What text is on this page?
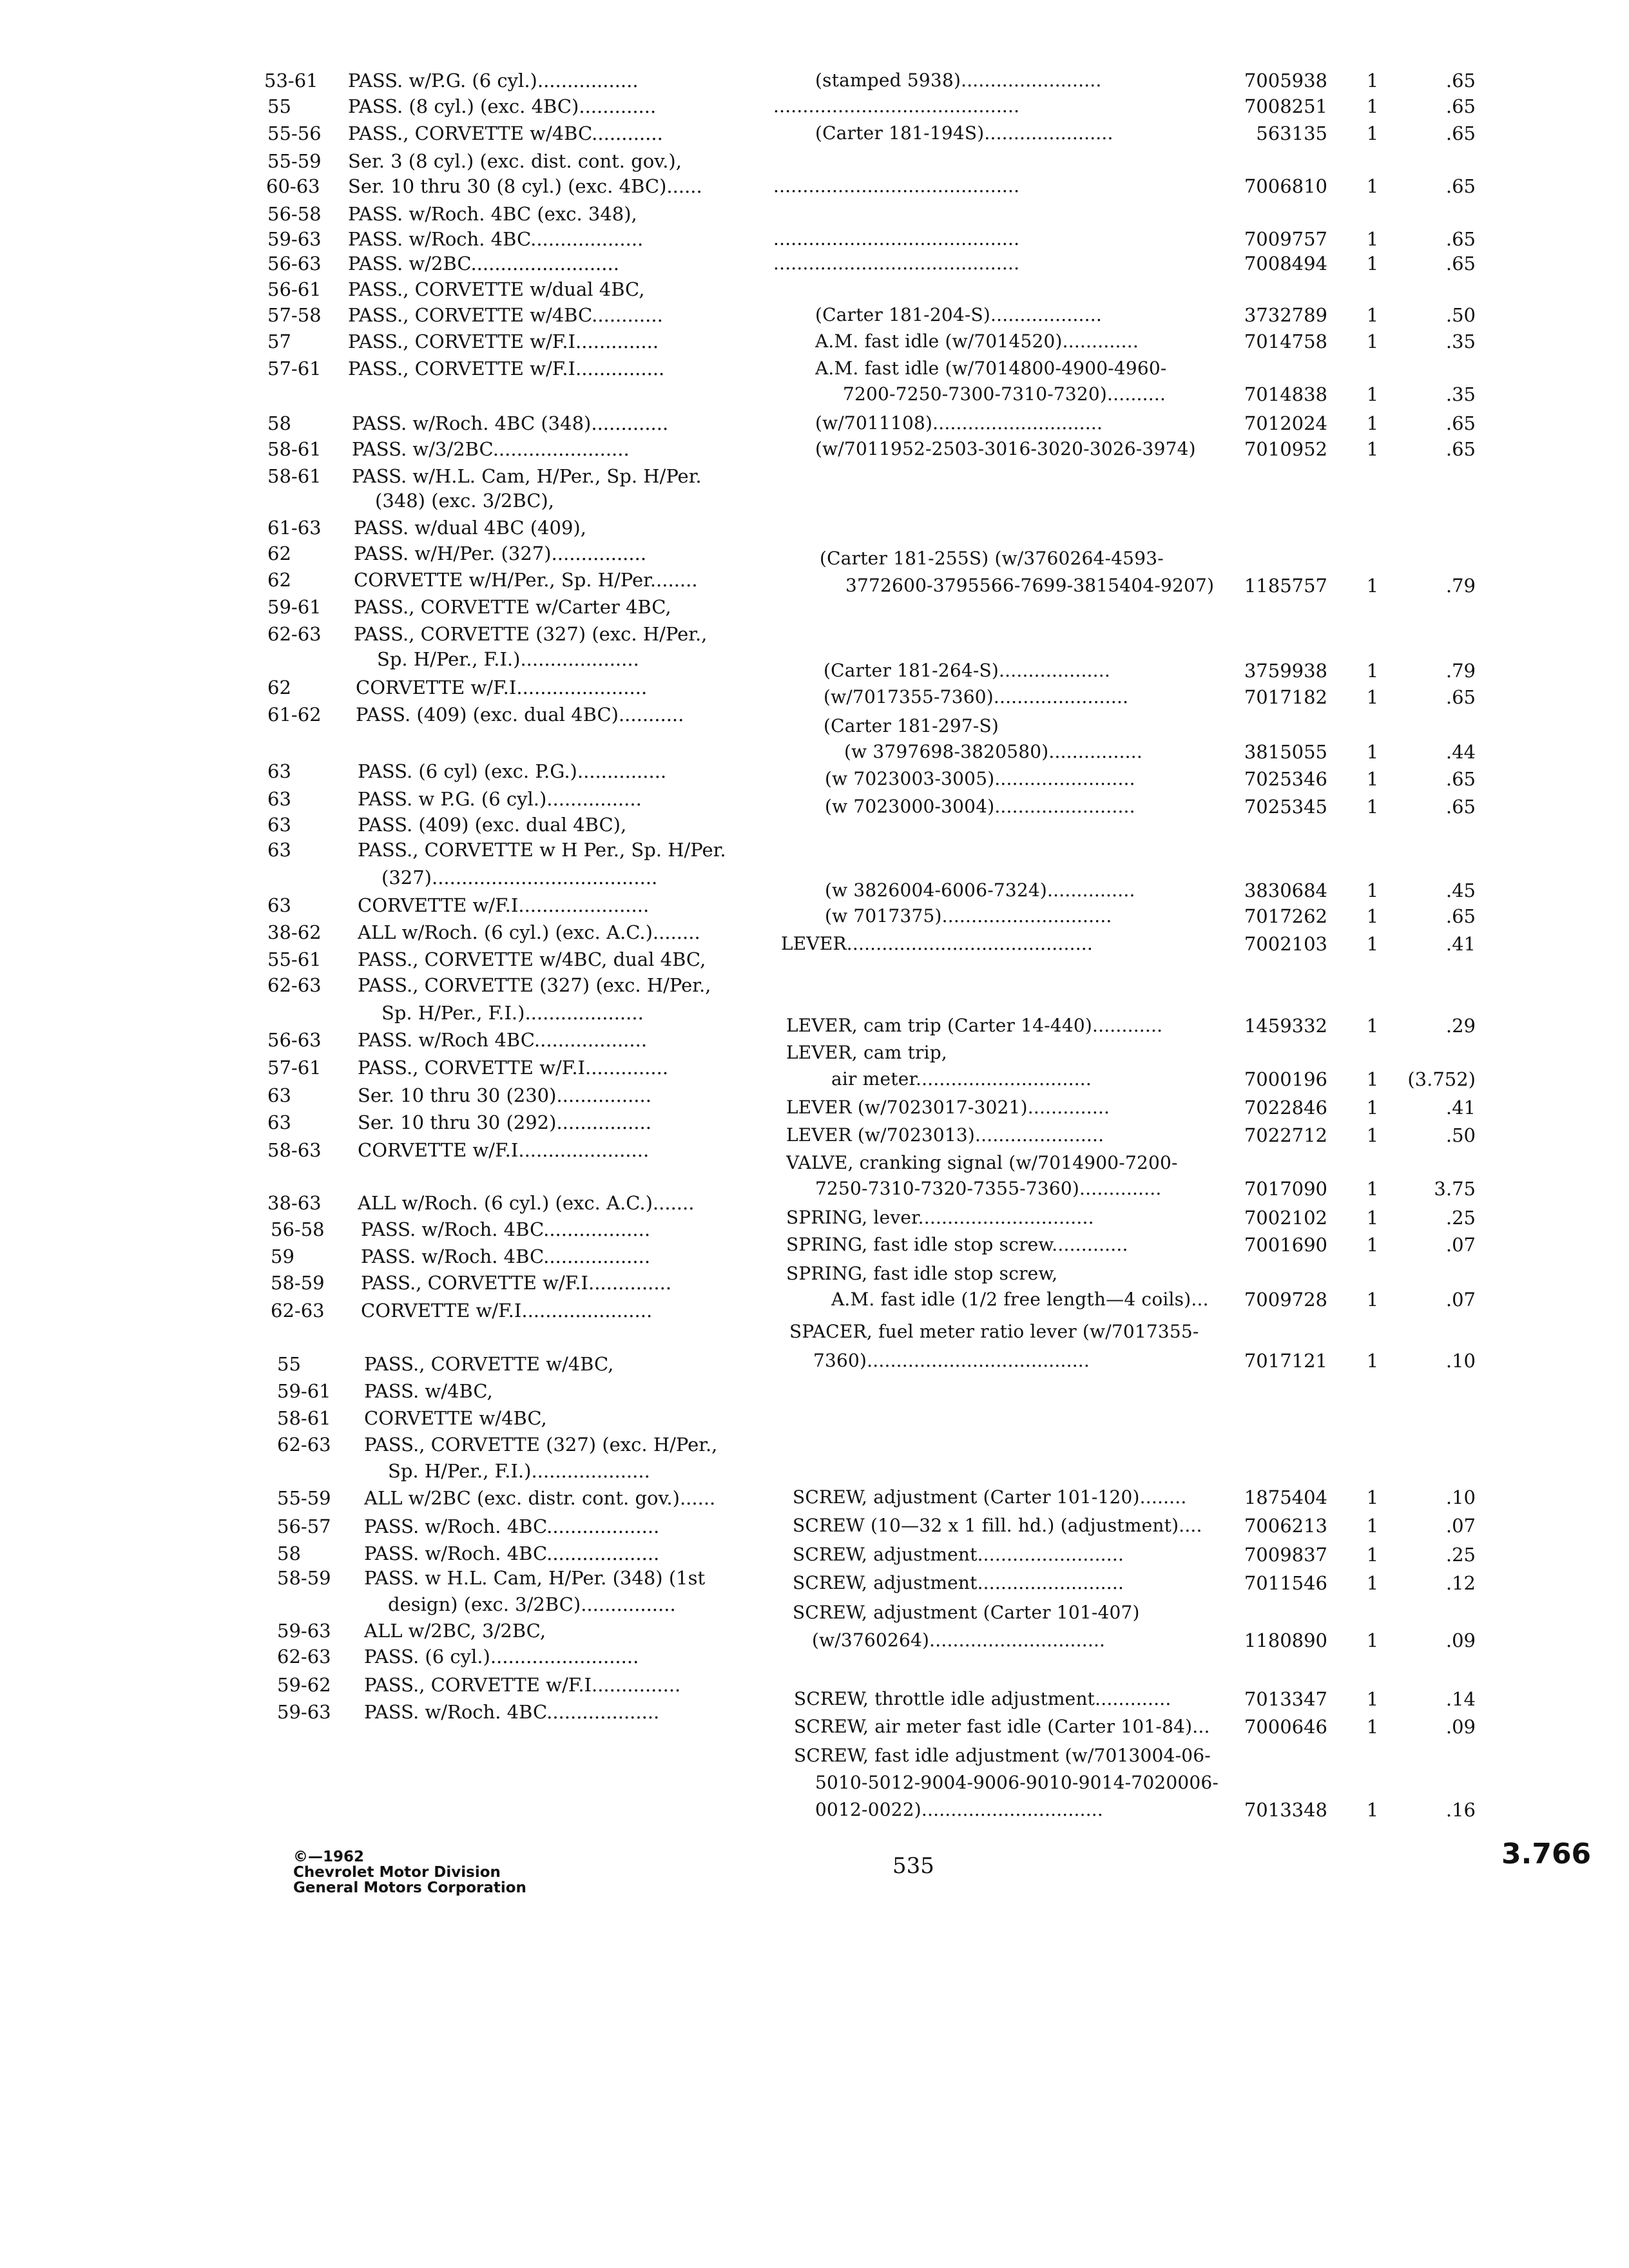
53-61 PASS. w/P.G. (6 cyl.).................
55	PASS. (8 cyl.) (exc. 4BC).............
55-56 PASS., CORVETTE w/4BC............
55-59 Ser. 3 (8 cyl.) (exc. dist. cont. gov.),
60-63 Ser. 10 thru 30 (8 cyl.) (exc. 4BC)......
56-58 PASS. w/Roch. 4BC (exc. 348),
59-63 PASS. w/Roch. 4BC...................
56-63 PASS. w/2BC.........................
56-61 PASS., CORVETTE w/dual 4BC,
57-58 PASS., CORVETTE w/4BC............
57	PASS., CORVETTE w/F.I..............
57-61 PASS., CORVETTE w/F.I...............
58	PASS. w/Roch. 4BC (348).............
58-61 PASS. w/3/2BC.......................
58-61 PASS. w/H.L. Cam, H/Per., Sp. H/Per.
(348) (exc. 3/2BC),
61-63 PASS. w/dual 4BC (409),
62	PASS. w/H/Per. (327)................
62	CORVETTE w/H/Per., Sp. H/Per........
59-61 PASS., CORVETTE w/Carter 4BC,
62-63 PASS., CORVETTE (327) (exc. H/Per.,
Sp. H/Per., F.I.)....................
62	CORVETTE w/F.I......................
61-62 PASS. (409) (exc. dual 4BC)...........
63	PASS. (6 cyl) (exc. P.G.)...............
63	PASS. w P.G. (6 cyl.)................
63	PASS. (409) (exc. dual 4BC),
63	PASS., CORVETTE w H Per., Sp. H/Per.
(327)......................................
63	CORVETTE w/F.I......................
38-62 ALL w/Roch. (6 cyl.) (exc. A.C.)........
55-61 PASS., CORVETTE w/4BC, dual 4BC,
62-63 PASS., CORVETTE (327) (exc. H/Per.,
Sp. H/Per., F.I.)....................
56-63 PASS. w/Roch 4BC...................
57-61 PASS., CORVETTE w/F.I..............
63	Ser. 10 thru 30 (230)................
63	Ser. 10 thru 30 (292)................
58-63 CORVETTE w/F.I......................
38-63 ALL w/Roch. (6 cyl.) (exc. A.C.).......
56-58 PASS. w/Roch. 4BC..................
59	PASS. w/Roch. 4BC..................
58-59 PASS., CORVETTE w/F.I..............
62-63 CORVETTE w/F.I......................
55	PASS., CORVETTE w/4BC,
59-61 PASS. w/4BC,
58-61 CORVETTE w/4BC,
62-63 PASS., CORVETTE (327) (exc. H/Per.,
Sp. H/Per., F.I.)....................
55-59 ALL w/2BC (exc. distr. cont. gov.)......
56-57 PASS. w/Roch. 4BC...................
58	PASS. w/Roch. 4BC...................
58-59 PASS. w H.L. Cam, H/Per. (348) (1st
design) (exc. 3/2BC)................
59-63 ALL w/2BC, 3/2BC,
62-63 PASS. (6 cyl.).........................
59-62 PASS., CORVETTE w/F.I...............
59-63 PASS. w/Roch. 4BC...................
(stamped 5938)........................	7005938	1	.65
..........................................	7008251	1	.65
(Carter 181-194S)......................	563135	1	.65
..........................................	7006810	1	.65
..........................................	7009757	1	.65
..........................................	7008494	1	.65
(Carter 181-204-S)...................	3732789	1	.50
A.M. fast idle (w/7014520).............	7014758	1	.35
A.M. fast idle (w/7014800-4900-4960-
7200-7250-7300-7310-7320)..........	7014838	1	.35
(w/7011108).............................	7012024	1	.65
(w/7011952-2503-3016-3020-3026-3974)	7010952	1	.65
(Carter 181-255S) (w/3760264-4593-
3772600-3795566-7699-3815404-9207)	1185757	1	.79
(Carter 181-264-S)...................	3759938	1	.79
(w/7017355-7360).......................	7017182	1	.65
(Carter 181-297-S)
(w 3797698-3820580)................	3815055	1	.44
(w 7023003-3005)........................	7025346	1	.65
(w 7023000-3004)........................	7025345	1	.65
(w 3826004-6006-7324)...............	3830684	1	.45
(w 7017375).............................	7017262	1	.65
LEVER..........................................	7002103	1	.41
LEVER, cam trip (Carter 14-440)............	1459332	1	.29
LEVER, cam trip,
air meter..............................	7000196	1	(3.752)
LEVER (w/7023017-3021)..............	7022846	1	.41
LEVER (w/7023013)......................	7022712	1	.50
VALVE, cranking signal (w/7014900-7200-
7250-7310-7320-7355-7360)..............	7017090	1	3.75
SPRING, lever..............................	7002102	1	.25
SPRING, fast idle stop screw.............	7001690	1	.07
SPRING, fast idle stop screw,
A.M. fast idle (1/2 free length—4 coils)...	7009728	1	.07
SPACER, fuel meter ratio lever (w/7017355-
7360)......................................	7017121	1	.10
SCREW, adjustment (Carter 101-120)........	1875404	1	.10
SCREW (10—32 x 1 fill. hd.) (adjustment)....	7006213	1	.07
SCREW, adjustment.........................	7009837	1	.25
SCREW, adjustment.........................	7011546	1	.12
SCREW, adjustment (Carter 101-407)
(w/3760264)..............................	1180890	1	.09
SCREW, throttle idle adjustment.............	7013347	1	.14
SCREW, air meter fast idle (Carter 101-84)...	7000646	1	.09
SCREW, fast idle adjustment (w/7013004-06-
5010-5012-9004-9006-9010-9014-7020006-
0012-0022)...............................	7013348	1	.16
©—1962
Chevrolet Motor Division
General Motors Corporation
535	3.766
